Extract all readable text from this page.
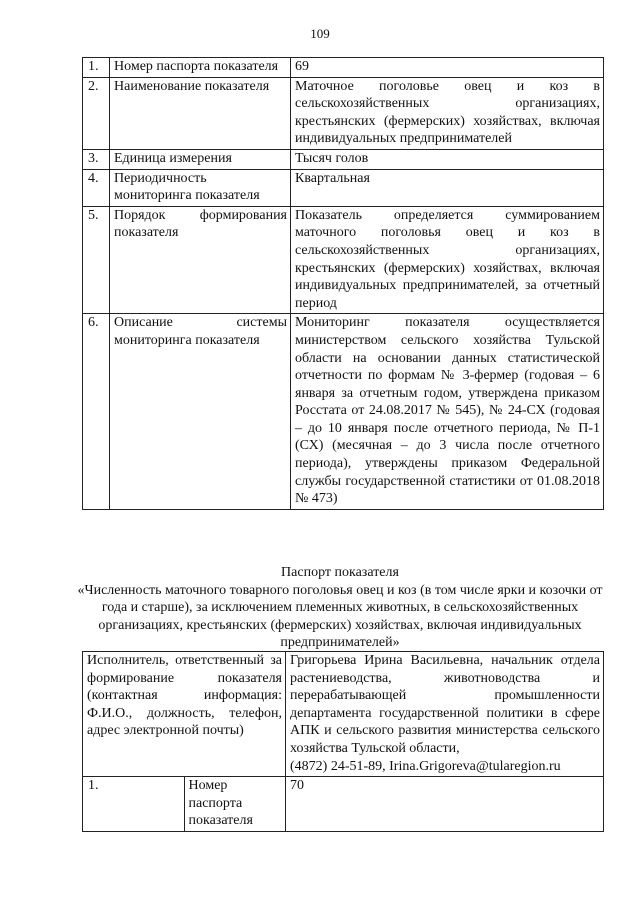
109
1.	Номер паспорта показателя	69
2.	Наименование показателя	Маточное поголовье овец и коз в сельскохозяйственных организациях, крестьянских (фермерских) хозяйствах, включая индивидуальных предпринимателей
3.	Единица измерения	Тысяч голов
4.	Периодичность мониторинга показателя	Квартальная
5.	Порядок формирования показателя	Показатель определяется суммированием маточного поголовья овец и коз в сельскохозяйственных организациях, крестьянских (фермерских) хозяйствах, включая индивидуальных предпринимателей, за отчетный период
6.	Описание системы мониторинга показателя	Мониторинг показателя осуществляется министерством сельского хозяйства Тульской области на основании данных статистической отчетности по формам № 3-фермер (годовая – 6 января за отчетным годом, утверждена приказом Росстата от 24.08.2017 № 545), № 24-СХ (годовая – до 10 января после отчетного периода, № П-1 (СХ) (месячная – до 3 числа после отчетного периода), утверждены приказом Федеральной службы государственной статистики от 01.08.2018 № 473)
Паспорт показателя
«Численность маточного товарного поголовья овец и коз (в том числе ярки и козочки от года и старше), за исключением племенных животных, в сельскохозяйственных организациях, крестьянских (фермерских) хозяйствах, включая индивидуальных предпринимателей»
Исполнитель, ответственный за формирование показателя (контактная информация: Ф.И.О., должность, телефон, адрес электронной почты)		Григорьева Ирина Васильевна, начальник отдела растениеводства, животноводства и перерабатывающей промышленности департамента государственной политики в сфере АПК и сельского развития министерства сельского хозяйства Тульской области,
(4872) 24-51-89, Irina.Grigoreva@tularegion.ru
1.	Номер паспорта показателя	70
